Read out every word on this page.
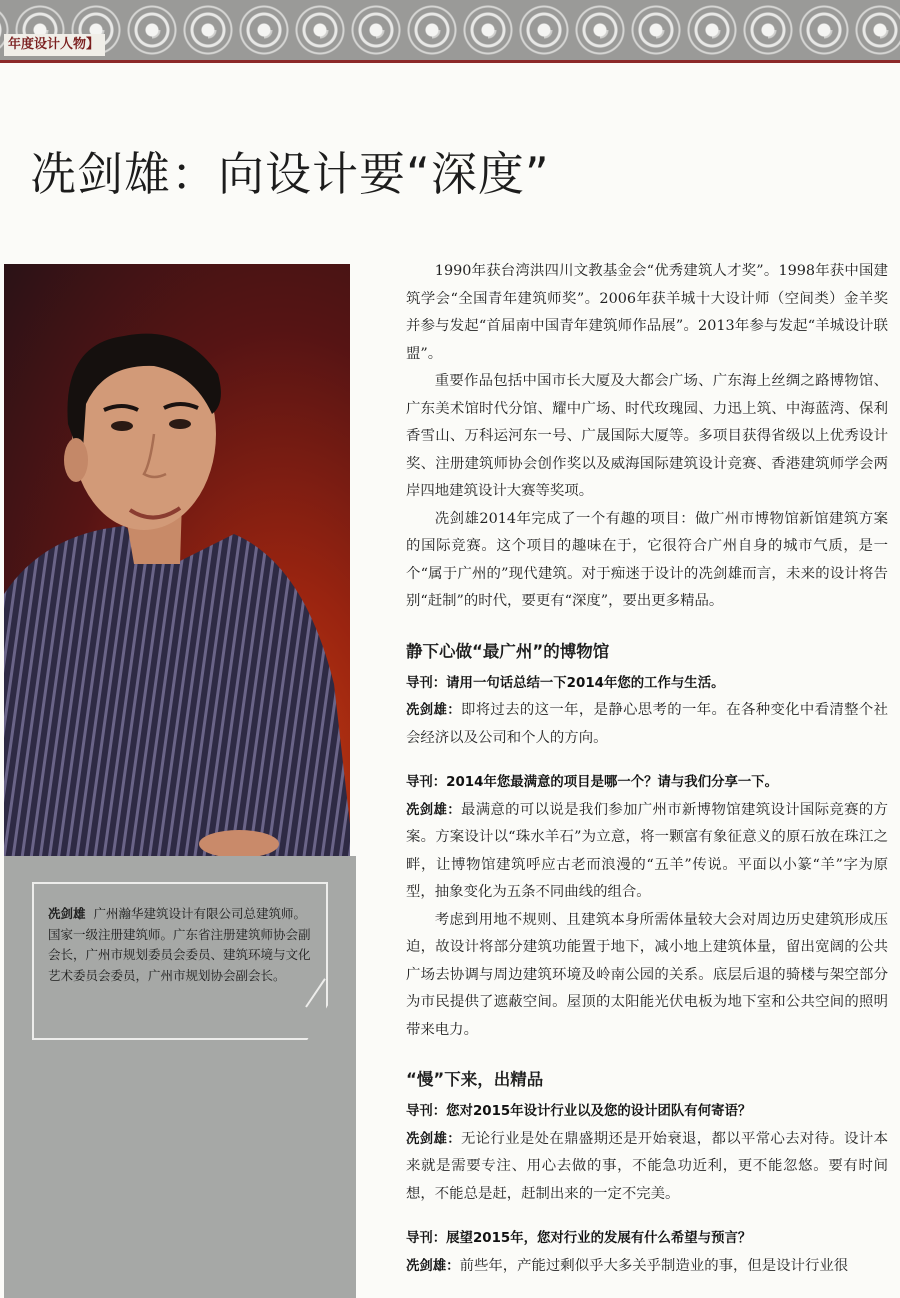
年度设计人物】
冼剑雄：向设计要“深度”

冼剑雄 广州瀚华建筑设计有限公司总建筑师。国家一级注册建筑师。广东省注册建筑师协会副会长，广州市规划委员会委员、建筑环境与文化艺术委员会委员，广州市规划协会副会长。

1990年获台湾洪四川文教基金会“优秀建筑人才奖”。1998年获中国建筑学会“全国青年建筑师奖”。2006年获羊城十大设计师（空间类）金羊奖并参与发起“首届南中国青年建筑师作品展”。2013年参与发起“羊城设计联盟”。

重要作品包括中国市长大厦及大都会广场、广东海上丝绸之路博物馆、广东美术馆时代分馆、耀中广场、时代玫瑰园、力迅上筑、中海蓝湾、保利香雪山、万科运河东一号、广晟国际大厦等。多项目获得省级以上优秀设计奖、注册建筑师协会创作奖以及威海国际建筑设计竞赛、香港建筑师学会两岸四地建筑设计大赛等奖项。

冼剑雄2014年完成了一个有趣的项目：做广州市博物馆新馆建筑方案的国际竞赛。这个项目的趣味在于，它很符合广州自身的城市气质，是一个“属于广州的”现代建筑。对于痴迷于设计的冼剑雄而言，未来的设计将告别“赶制”的时代，要更有“深度”，要出更多精品。

静下心做“最广州”的博物馆

导刊：请用一句话总结一下2014年您的工作与生活。

冼剑雄：即将过去的这一年，是静心思考的一年。在各种变化中看清整个社会经济以及公司和个人的方向。

导刊：2014年您最满意的项目是哪一个？请与我们分享一下。

冼剑雄：最满意的可以说是我们参加广州市新博物馆建筑设计国际竞赛的方案。方案设计以“珠水羊石”为立意，将一颗富有象征意义的原石放在珠江之畔，让博物馆建筑呼应古老而浪漫的“五羊”传说。平面以小篆“羊”字为原型，抽象变化为五条不同曲线的组合。

考虑到用地不规则、且建筑本身所需体量较大会对周边历史建筑形成压迫，故设计将部分建筑功能置于地下，减小地上建筑体量，留出宽阔的公共广场去协调与周边建筑环境及岭南公园的关系。底层后退的骑楼与架空部分为市民提供了遮蔽空间。屋顶的太阳能光伏电板为地下室和公共空间的照明带来电力。

“慢”下来，出精品

导刊：您对2015年设计行业以及您的设计团队有何寄语？

冼剑雄：无论行业是处在鼎盛期还是开始衰退，都以平常心去对待。设计本来就是需要专注、用心去做的事，不能急功近利，更不能忽悠。要有时间想，不能总是赶，赶制出来的一定不完美。

导刊：展望2015年，您对行业的发展有什么希望与预言？

冼剑雄：前些年，产能过剩似乎大多关乎制造业的事，但是设计行业很
